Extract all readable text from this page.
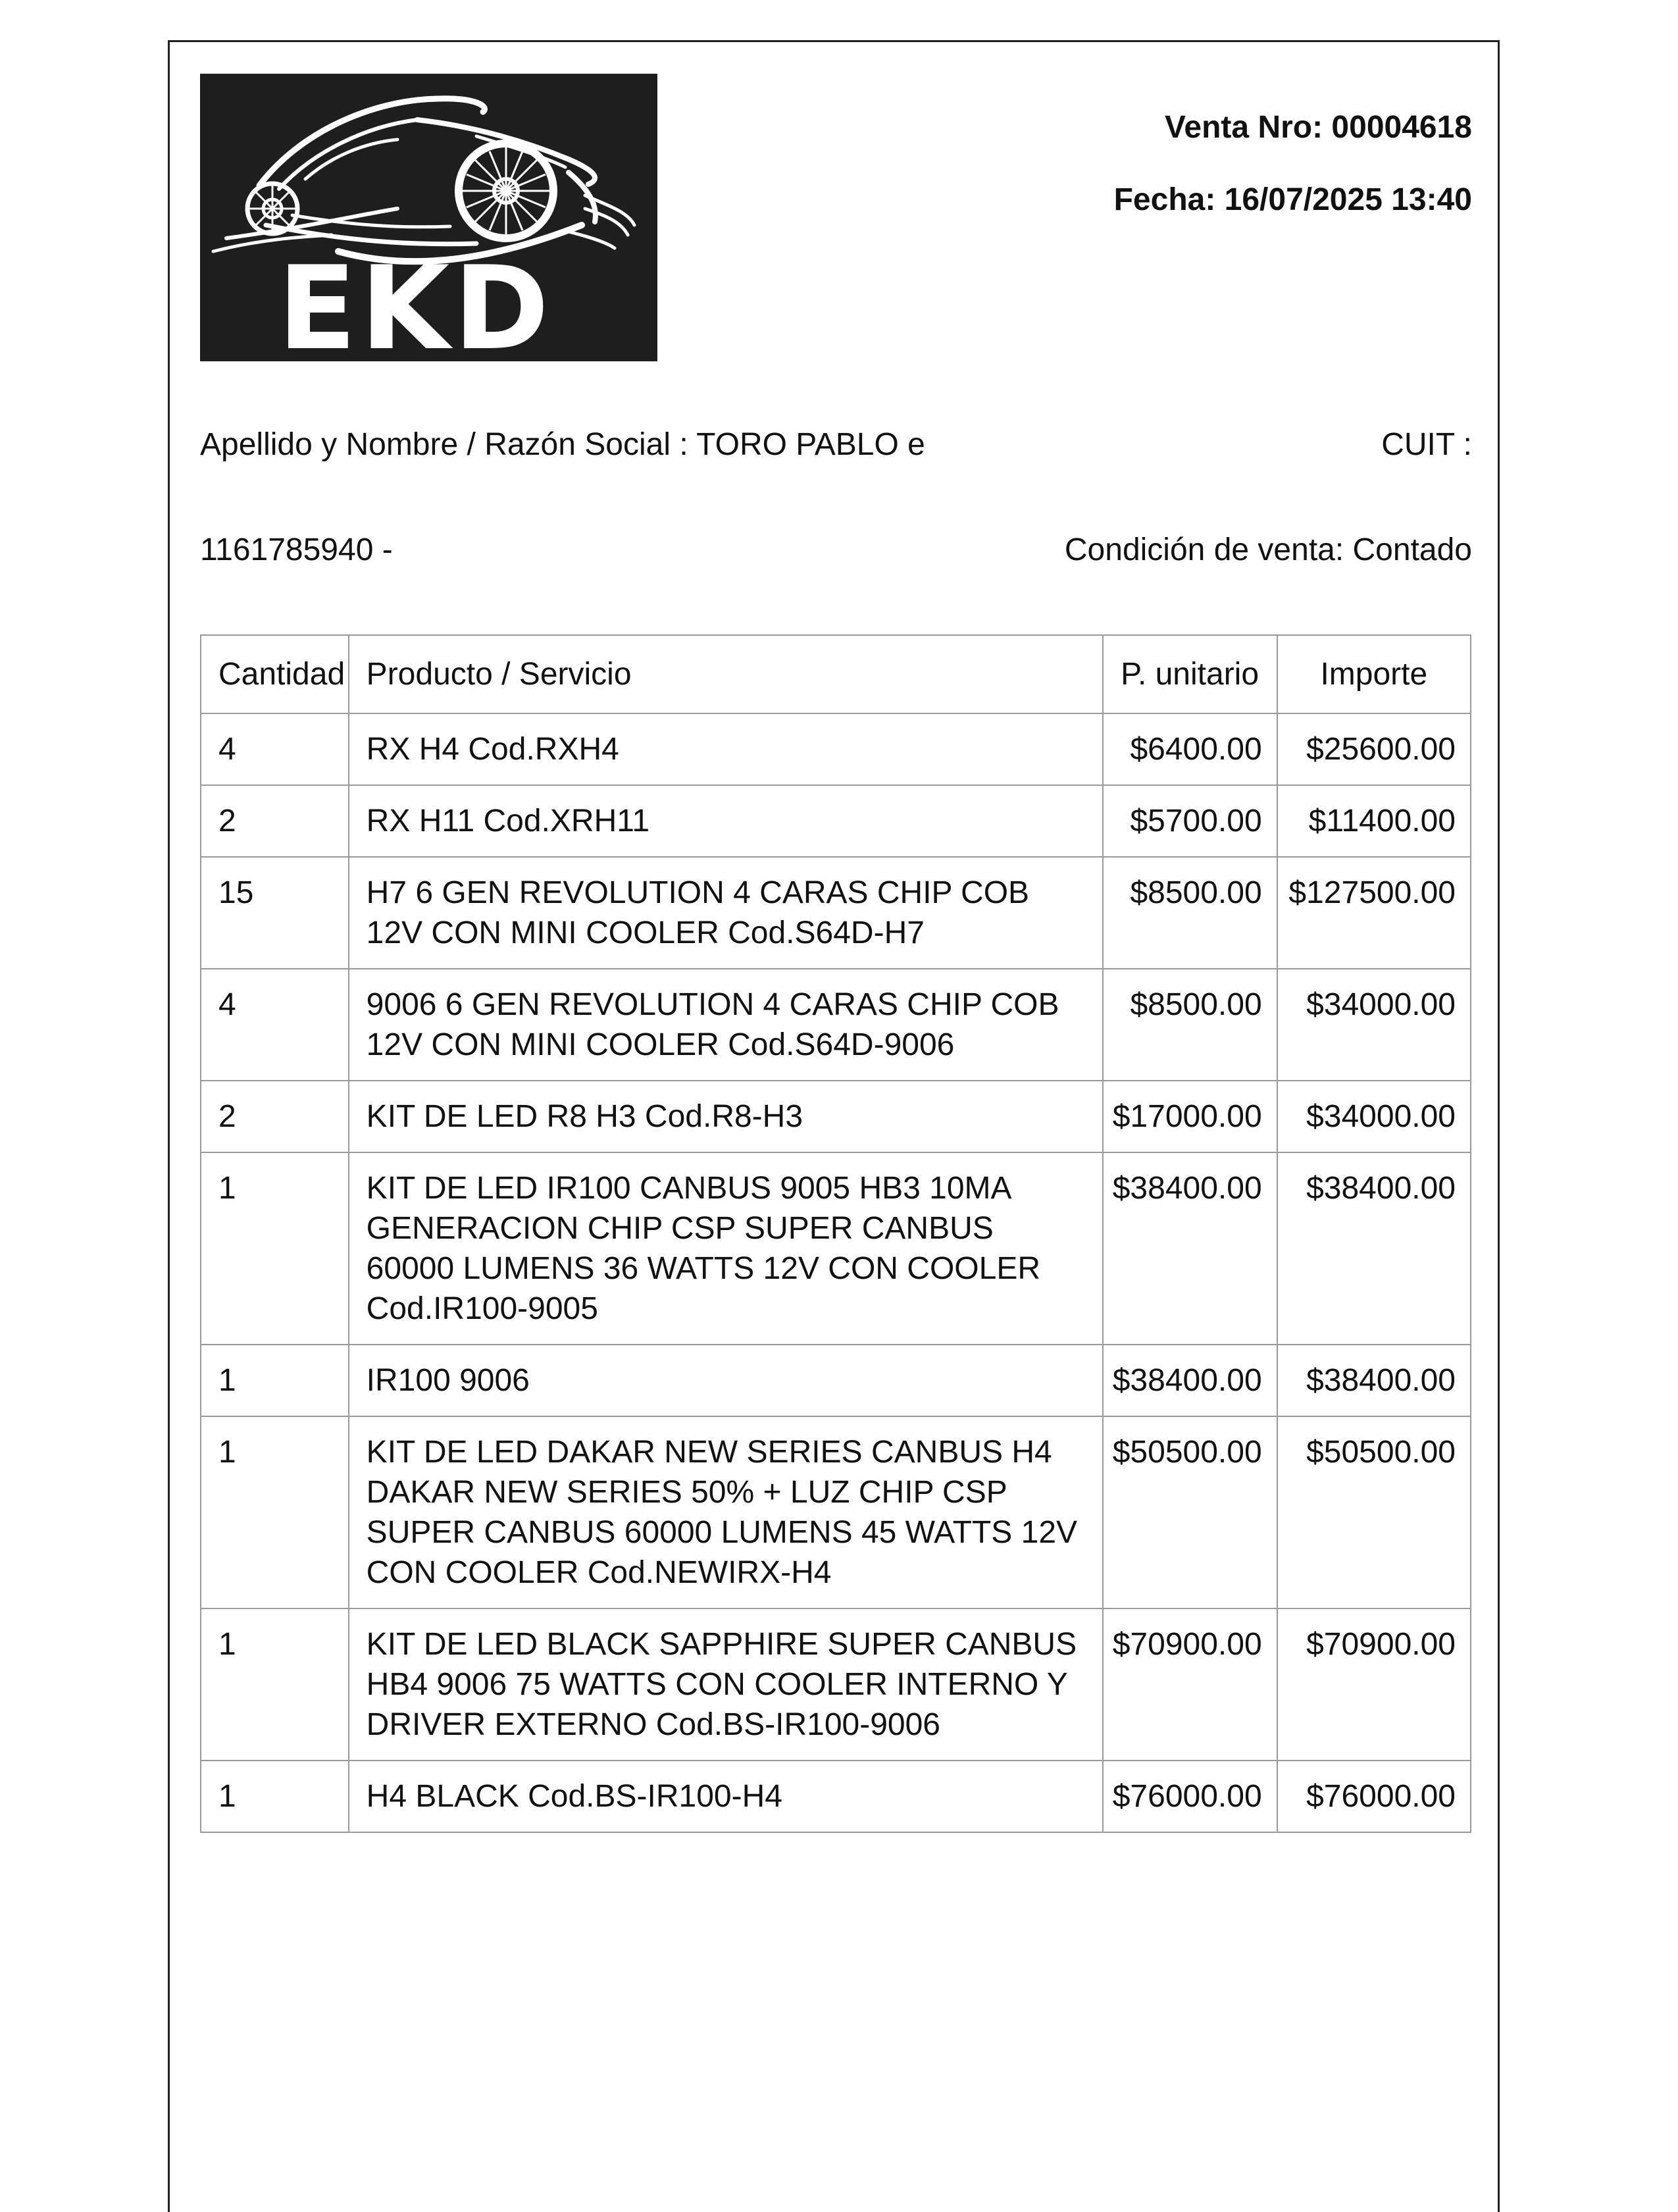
EKD
Venta Nro: 00004618
Fecha: 16/07/2025 13:40
Apellido y Nombre / Razón Social : TORO PABLO e	CUIT :
1161785940 -	Condición de venta: Contado
Cantidad	Producto / Servicio	P. unitario	Importe
4	RX H4 Cod.RXH4	$6400.00	$25600.00
2	RX H11 Cod.XRH11	$5700.00	$11400.00
15	H7 6 GEN REVOLUTION 4 CARAS CHIP COB 12V CON MINI COOLER Cod.S64D-H7	$8500.00	$127500.00
4	9006 6 GEN REVOLUTION 4 CARAS CHIP COB 12V CON MINI COOLER Cod.S64D-9006	$8500.00	$34000.00
2	KIT DE LED R8 H3 Cod.R8-H3	$17000.00	$34000.00
1	KIT DE LED IR100 CANBUS 9005 HB3 10MA GENERACION CHIP CSP SUPER CANBUS 60000 LUMENS 36 WATTS 12V CON COOLER Cod.IR100-9005	$38400.00	$38400.00
1	IR100 9006	$38400.00	$38400.00
1	KIT DE LED DAKAR NEW SERIES CANBUS H4 DAKAR NEW SERIES 50% + LUZ CHIP CSP SUPER CANBUS 60000 LUMENS 45 WATTS 12V CON COOLER Cod.NEWIRX-H4	$50500.00	$50500.00
1	KIT DE LED BLACK SAPPHIRE SUPER CANBUS HB4 9006 75 WATTS CON COOLER INTERNO Y DRIVER EXTERNO Cod.BS-IR100-9006	$70900.00	$70900.00
1	H4 BLACK Cod.BS-IR100-H4	$76000.00	$76000.00
